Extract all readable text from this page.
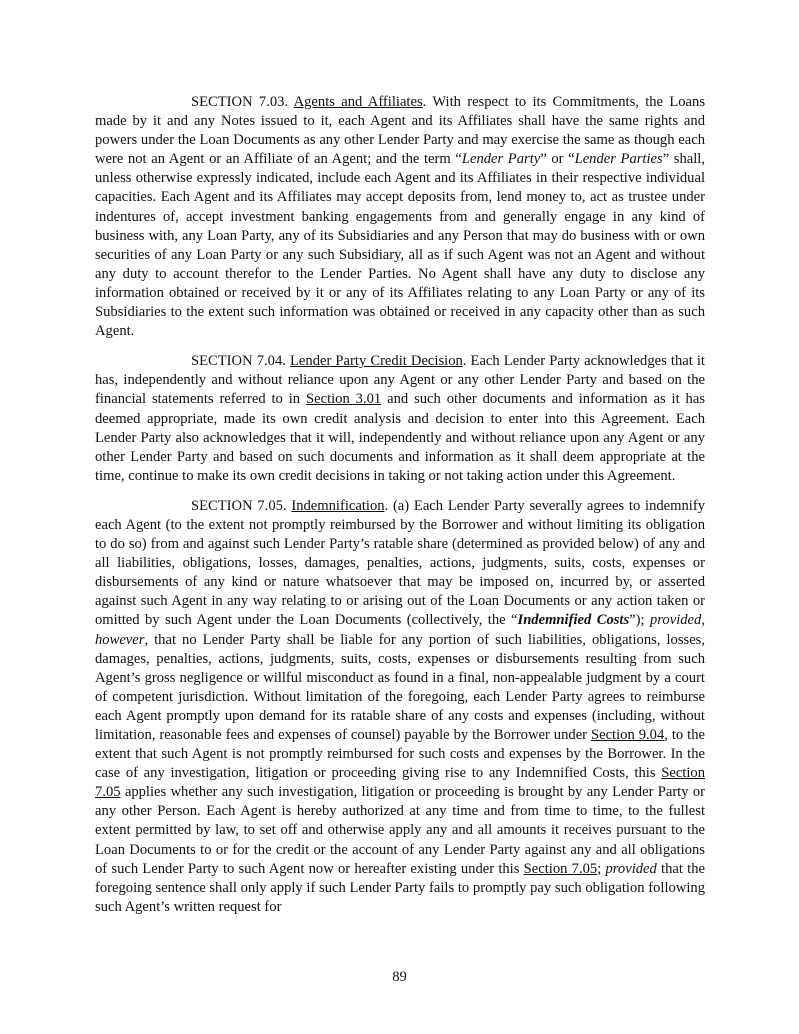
SECTION 7.03. Agents and Affiliates. With respect to its Commitments, the Loans made by it and any Notes issued to it, each Agent and its Affiliates shall have the same rights and powers under the Loan Documents as any other Lender Party and may exercise the same as though each were not an Agent or an Affiliate of an Agent; and the term “Lender Party” or “Lender Parties” shall, unless otherwise expressly indicated, include each Agent and its Affiliates in their respective individual capacities. Each Agent and its Affiliates may accept deposits from, lend money to, act as trustee under indentures of, accept investment banking engagements from and generally engage in any kind of business with, any Loan Party, any of its Subsidiaries and any Person that may do business with or own securities of any Loan Party or any such Subsidiary, all as if such Agent was not an Agent and without any duty to account therefor to the Lender Parties. No Agent shall have any duty to disclose any information obtained or received by it or any of its Affiliates relating to any Loan Party or any of its Subsidiaries to the extent such information was obtained or received in any capacity other than as such Agent.

SECTION 7.04. Lender Party Credit Decision. Each Lender Party acknowledges that it has, independently and without reliance upon any Agent or any other Lender Party and based on the financial statements referred to in Section 3.01 and such other documents and information as it has deemed appropriate, made its own credit analysis and decision to enter into this Agreement. Each Lender Party also acknowledges that it will, independently and without reliance upon any Agent or any other Lender Party and based on such documents and information as it shall deem appropriate at the time, continue to make its own credit decisions in taking or not taking action under this Agreement.

SECTION 7.05. Indemnification. (a) Each Lender Party severally agrees to indemnify each Agent (to the extent not promptly reimbursed by the Borrower and without limiting its obligation to do so) from and against such Lender Party’s ratable share (determined as provided below) of any and all liabilities, obligations, losses, damages, penalties, actions, judgments, suits, costs, expenses or disbursements of any kind or nature whatsoever that may be imposed on, incurred by, or asserted against such Agent in any way relating to or arising out of the Loan Documents or any action taken or omitted by such Agent under the Loan Documents (collectively, the “Indemnified Costs”); provided, however, that no Lender Party shall be liable for any portion of such liabilities, obligations, losses, damages, penalties, actions, judgments, suits, costs, expenses or disbursements resulting from such Agent’s gross negligence or willful misconduct as found in a final, non-appealable judgment by a court of competent jurisdiction. Without limitation of the foregoing, each Lender Party agrees to reimburse each Agent promptly upon demand for its ratable share of any costs and expenses (including, without limitation, reasonable fees and expenses of counsel) payable by the Borrower under Section 9.04, to the extent that such Agent is not promptly reimbursed for such costs and expenses by the Borrower. In the case of any investigation, litigation or proceeding giving rise to any Indemnified Costs, this Section 7.05 applies whether any such investigation, litigation or proceeding is brought by any Lender Party or any other Person. Each Agent is hereby authorized at any time and from time to time, to the fullest extent permitted by law, to set off and otherwise apply any and all amounts it receives pursuant to the Loan Documents to or for the credit or the account of any Lender Party against any and all obligations of such Lender Party to such Agent now or hereafter existing under this Section 7.05; provided that the foregoing sentence shall only apply if such Lender Party fails to promptly pay such obligation following such Agent’s written request for

89
